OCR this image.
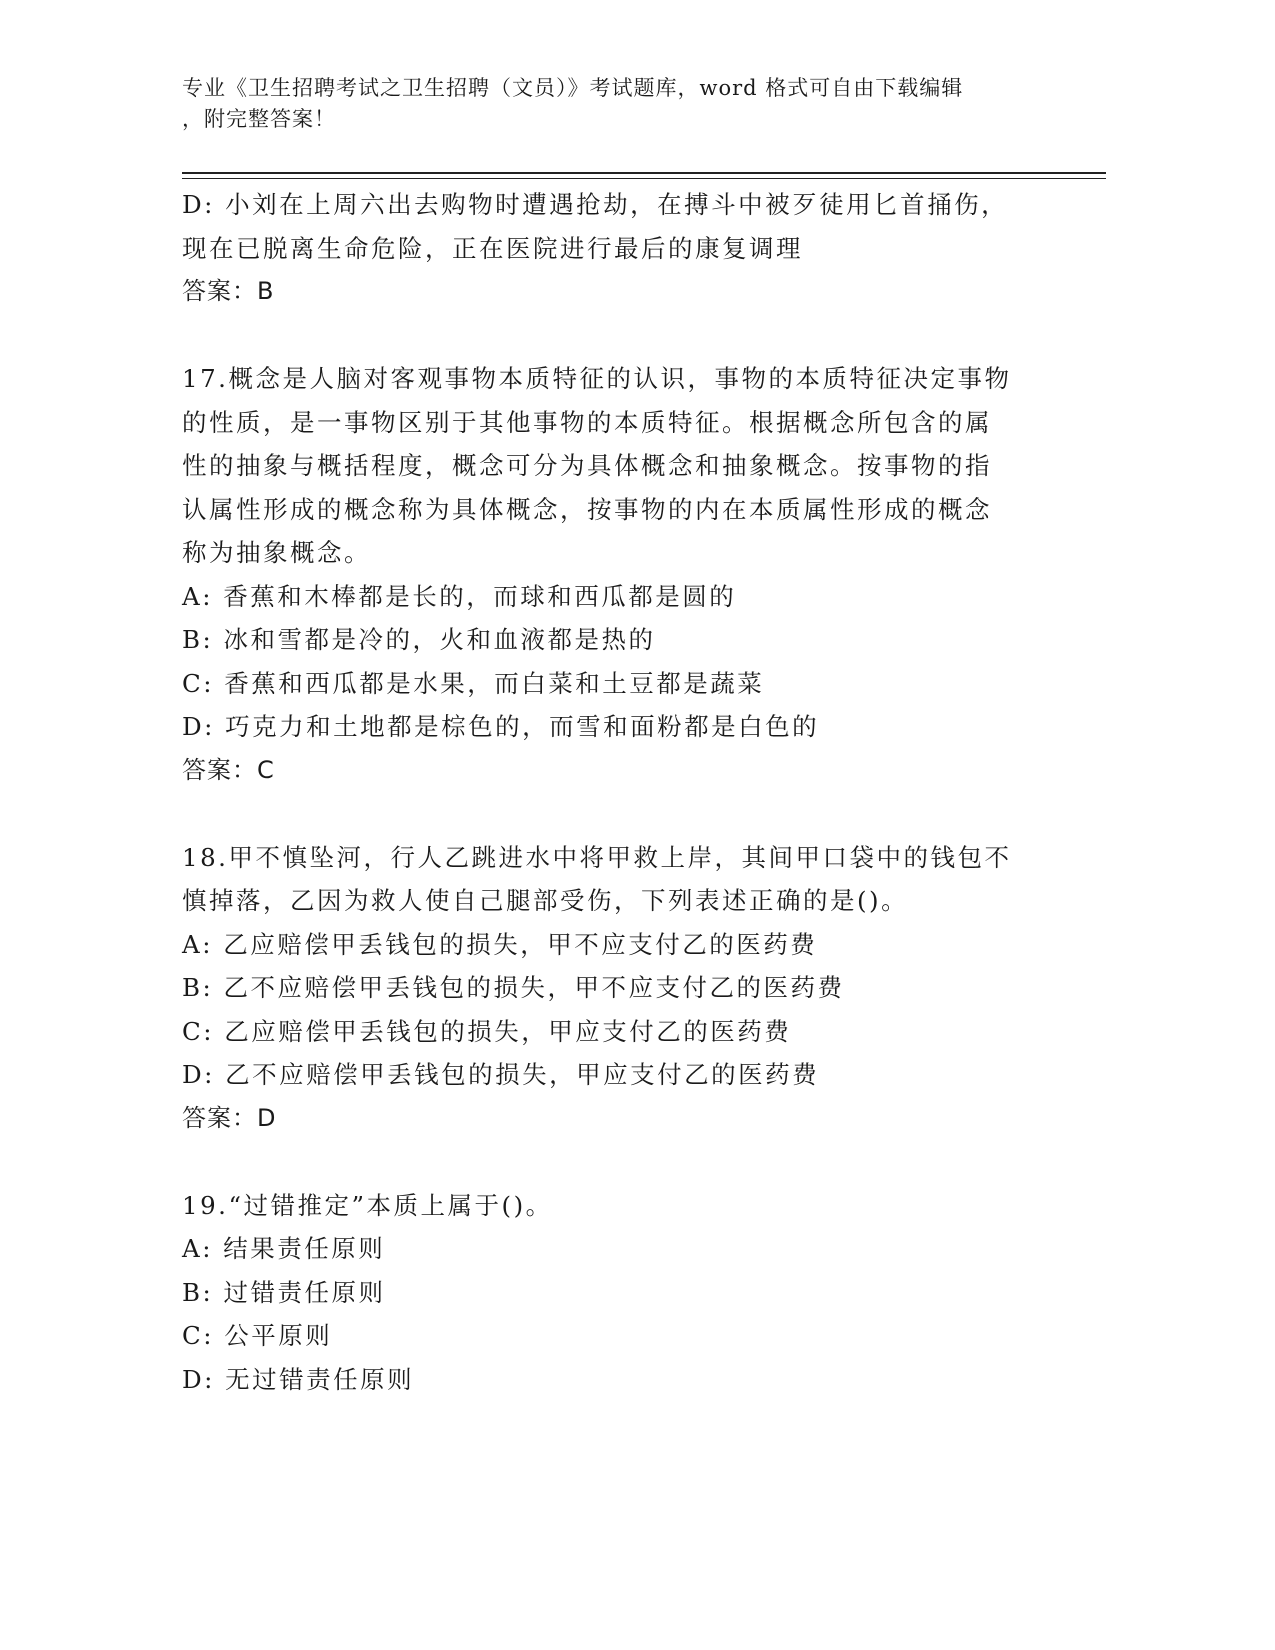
专业《卫生招聘考试之卫生招聘（文员）》考试题库，word 格式可自由下载编辑
，附完整答案！
D: 小刘在上周六出去购物时遭遇抢劫，在搏斗中被歹徒用匕首捅伤，
现在已脱离生命危险，正在医院进行最后的康复调理
答案：B
17.概念是人脑对客观事物本质特征的认识，事物的本质特征决定事物
的性质，是一事物区别于其他事物的本质特征。根据概念所包含的属
性的抽象与概括程度，概念可分为具体概念和抽象概念。按事物的指
认属性形成的概念称为具体概念，按事物的内在本质属性形成的概念
称为抽象概念。
A: 香蕉和木棒都是长的，而球和西瓜都是圆的
B: 冰和雪都是冷的，火和血液都是热的
C: 香蕉和西瓜都是水果，而白菜和土豆都是蔬菜
D: 巧克力和土地都是棕色的，而雪和面粉都是白色的
答案：C
18.甲不慎坠河，行人乙跳进水中将甲救上岸，其间甲口袋中的钱包不
慎掉落，乙因为救人使自己腿部受伤，下列表述正确的是()。
A: 乙应赔偿甲丢钱包的损失，甲不应支付乙的医药费
B: 乙不应赔偿甲丢钱包的损失，甲不应支付乙的医药费
C: 乙应赔偿甲丢钱包的损失，甲应支付乙的医药费
D: 乙不应赔偿甲丢钱包的损失，甲应支付乙的医药费
答案：D
19.“过错推定”本质上属于()。
A: 结果责任原则
B: 过错责任原则
C: 公平原则
D: 无过错责任原则
